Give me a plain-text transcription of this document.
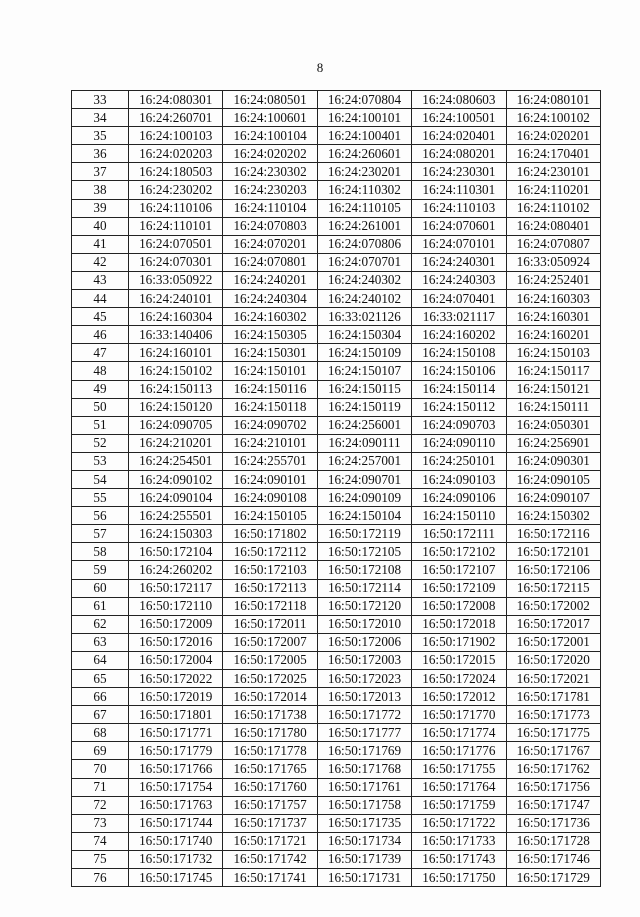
8
33	16:24:080301	16:24:080501	16:24:070804	16:24:080603	16:24:080101
34	16:24:260701	16:24:100601	16:24:100101	16:24:100501	16:24:100102
35	16:24:100103	16:24:100104	16:24:100401	16:24:020401	16:24:020201
36	16:24:020203	16:24:020202	16:24:260601	16:24:080201	16:24:170401
37	16:24:180503	16:24:230302	16:24:230201	16:24:230301	16:24:230101
38	16:24:230202	16:24:230203	16:24:110302	16:24:110301	16:24:110201
39	16:24:110106	16:24:110104	16:24:110105	16:24:110103	16:24:110102
40	16:24:110101	16:24:070803	16:24:261001	16:24:070601	16:24:080401
41	16:24:070501	16:24:070201	16:24:070806	16:24:070101	16:24:070807
42	16:24:070301	16:24:070801	16:24:070701	16:24:240301	16:33:050924
43	16:33:050922	16:24:240201	16:24:240302	16:24:240303	16:24:252401
44	16:24:240101	16:24:240304	16:24:240102	16:24:070401	16:24:160303
45	16:24:160304	16:24:160302	16:33:021126	16:33:021117	16:24:160301
46	16:33:140406	16:24:150305	16:24:150304	16:24:160202	16:24:160201
47	16:24:160101	16:24:150301	16:24:150109	16:24:150108	16:24:150103
48	16:24:150102	16:24:150101	16:24:150107	16:24:150106	16:24:150117
49	16:24:150113	16:24:150116	16:24:150115	16:24:150114	16:24:150121
50	16:24:150120	16:24:150118	16:24:150119	16:24:150112	16:24:150111
51	16:24:090705	16:24:090702	16:24:256001	16:24:090703	16:24:050301
52	16:24:210201	16:24:210101	16:24:090111	16:24:090110	16:24:256901
53	16:24:254501	16:24:255701	16:24:257001	16:24:250101	16:24:090301
54	16:24:090102	16:24:090101	16:24:090701	16:24:090103	16:24:090105
55	16:24:090104	16:24:090108	16:24:090109	16:24:090106	16:24:090107
56	16:24:255501	16:24:150105	16:24:150104	16:24:150110	16:24:150302
57	16:24:150303	16:50:171802	16:50:172119	16:50:172111	16:50:172116
58	16:50:172104	16:50:172112	16:50:172105	16:50:172102	16:50:172101
59	16:24:260202	16:50:172103	16:50:172108	16:50:172107	16:50:172106
60	16:50:172117	16:50:172113	16:50:172114	16:50:172109	16:50:172115
61	16:50:172110	16:50:172118	16:50:172120	16:50:172008	16:50:172002
62	16:50:172009	16:50:172011	16:50:172010	16:50:172018	16:50:172017
63	16:50:172016	16:50:172007	16:50:172006	16:50:171902	16:50:172001
64	16:50:172004	16:50:172005	16:50:172003	16:50:172015	16:50:172020
65	16:50:172022	16:50:172025	16:50:172023	16:50:172024	16:50:172021
66	16:50:172019	16:50:172014	16:50:172013	16:50:172012	16:50:171781
67	16:50:171801	16:50:171738	16:50:171772	16:50:171770	16:50:171773
68	16:50:171771	16:50:171780	16:50:171777	16:50:171774	16:50:171775
69	16:50:171779	16:50:171778	16:50:171769	16:50:171776	16:50:171767
70	16:50:171766	16:50:171765	16:50:171768	16:50:171755	16:50:171762
71	16:50:171754	16:50:171760	16:50:171761	16:50:171764	16:50:171756
72	16:50:171763	16:50:171757	16:50:171758	16:50:171759	16:50:171747
73	16:50:171744	16:50:171737	16:50:171735	16:50:171722	16:50:171736
74	16:50:171740	16:50:171721	16:50:171734	16:50:171733	16:50:171728
75	16:50:171732	16:50:171742	16:50:171739	16:50:171743	16:50:171746
76	16:50:171745	16:50:171741	16:50:171731	16:50:171750	16:50:171729
